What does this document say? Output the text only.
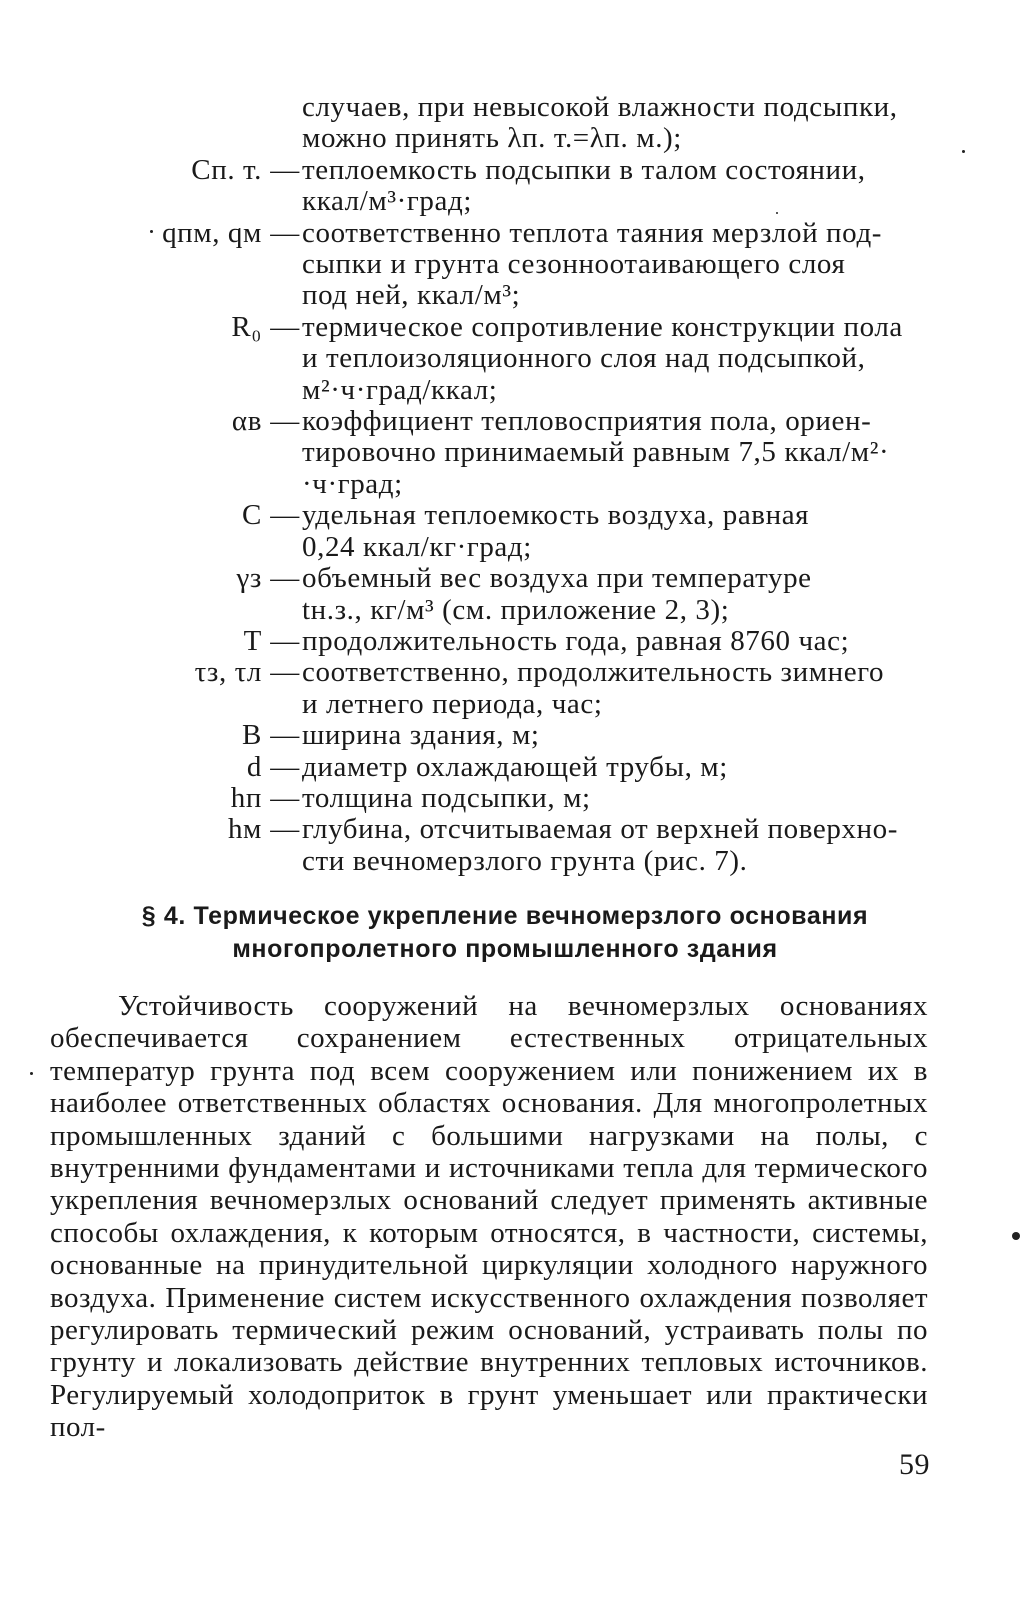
случаев, при невысокой влажности подсыпки,
можно принять λп. т.=λп. м.);
Сп. т. — теплоемкость подсыпки в талом состоянии,
ккал/м³·град;
qпм, qм — соответственно теплота таяния мерзлой под-
сыпки и грунта сезонноотаивающего слоя
под ней, ккал/м³;
R₀ — термическое сопротивление конструкции пола
и теплоизоляционного слоя над подсыпкой,
м²·ч·град/ккал;
αв — коэффициент тепловосприятия пола, ориен-
тировочно принимаемый равным 7,5 ккал/м²·
·ч·град;
С — удельная теплоемкость воздуха, равная
0,24 ккал/кг·град;
γз — объемный вес воздуха при температуре
tн.з., кг/м³ (см. приложение 2, 3);
Т — продолжительность года, равная 8760 час;
τз, τл — соответственно, продолжительность зимнего
и летнего периода, час;
В — ширина здания, м;
d — диаметр охлаждающей трубы, м;
hп — толщина подсыпки, м;
hм — глубина, отсчитываемая от верхней поверхно-
сти вечномерзлого грунта (рис. 7).
§ 4. Термическое укрепление вечномерзлого основания
многопролетного промышленного здания
Устойчивость сооружений на вечномерзлых основаниях обеспечивается сохранением естественных отрицательных температур грунта под всем сооружением или понижением их в наиболее ответственных областях основания. Для многопролетных промышленных зданий с большими нагрузками на полы, с внутренними фундаментами и источниками тепла для термического укрепления вечномерзлых оснований следует применять активные способы охлаждения, к которым относятся, в частности, системы, основанные на принудительной циркуляции холодного наружного воздуха. Применение систем искусственного охлаждения позволяет регулировать термический режим оснований, устраивать полы по грунту и локализовать действие внутренних тепловых источников. Регулируемый холодоприток в грунт уменьшает или практически пол-
59
